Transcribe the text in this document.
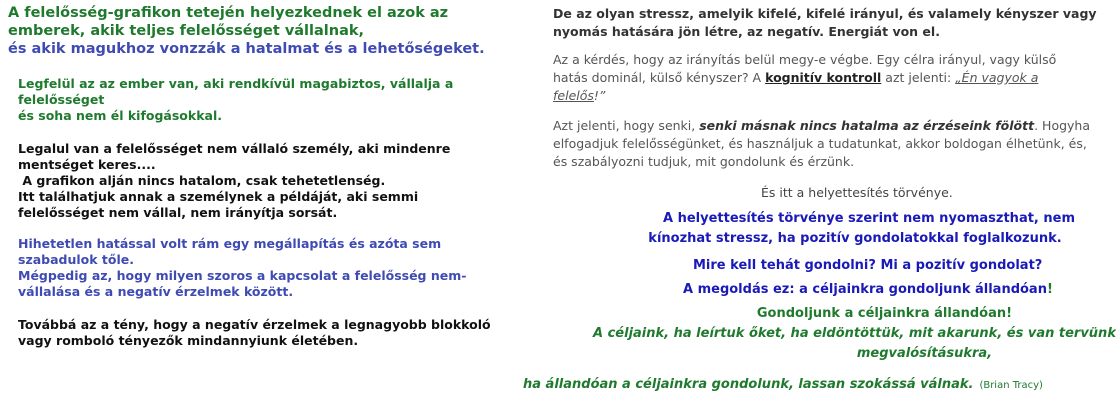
A felelősség-grafikon tetején helyezkednek el azok az

emberek, akik teljes felelősséget vállalnak,

és akik magukhoz vonzzák a hatalmat és a lehetőségeket.

Legfelül az az ember van, aki rendkívül magabiztos, vállalja a

felelősséget

és soha nem él kifogásokkal.

Legalul van a felelősséget nem vállaló személy, aki mindenre

mentséget keres....

A grafikon alján nincs hatalom, csak tehetetlenség.

Itt találhatjuk annak a személynek a példáját, aki semmi

felelősséget nem vállal, nem irányítja sorsát.

Hihetetlen hatással volt rám egy megállapítás és azóta sem

szabadulok tőle.

Mégpedig az, hogy milyen szoros a kapcsolat a felelősség nem-

vállalása és a negatív érzelmek között.

Továbbá az a tény, hogy a negatív érzelmek a legnagyobb blokkoló

vagy romboló tényezők mindannyiunk életében.

De az olyan stressz, amelyik kifelé, kifelé irányul, és valamely kényszer vagy

nyomás hatására jön létre, az negatív. Energiát von el.

Az a kérdés, hogy az irányítás belül megy-e végbe. Egy célra irányul, vagy külső

hatás dominál, külső kényszer? A kognitív kontroll azt jelenti: „Én vagyok a

felelős!”

Azt jelenti, hogy senki, senki másnak nincs hatalma az érzéseink fölött. Hogyha

elfogadjuk felelősségünket, és használjuk a tudatunkat, akkor boldogan élhetünk, és,

és szabályozni tudjuk, mit gondolunk és érzünk.

És itt a helyettesítés törvénye.

A helyettesítés törvénye szerint nem nyomaszthat, nem

kínozhat stressz, ha pozitív gondolatokkal foglalkozunk.

Mire kell tehát gondolni? Mi a pozitív gondolat?

A megoldás ez: a céljainkra gondoljunk állandóan!

Gondoljunk a céljainkra állandóan!

A céljaink, ha leírtuk őket, ha eldöntöttük, mit akarunk, és van tervünk

megvalósításukra,

ha állandóan a céljainkra gondolunk, lassan szokássá válnak. (Brian Tracy)
